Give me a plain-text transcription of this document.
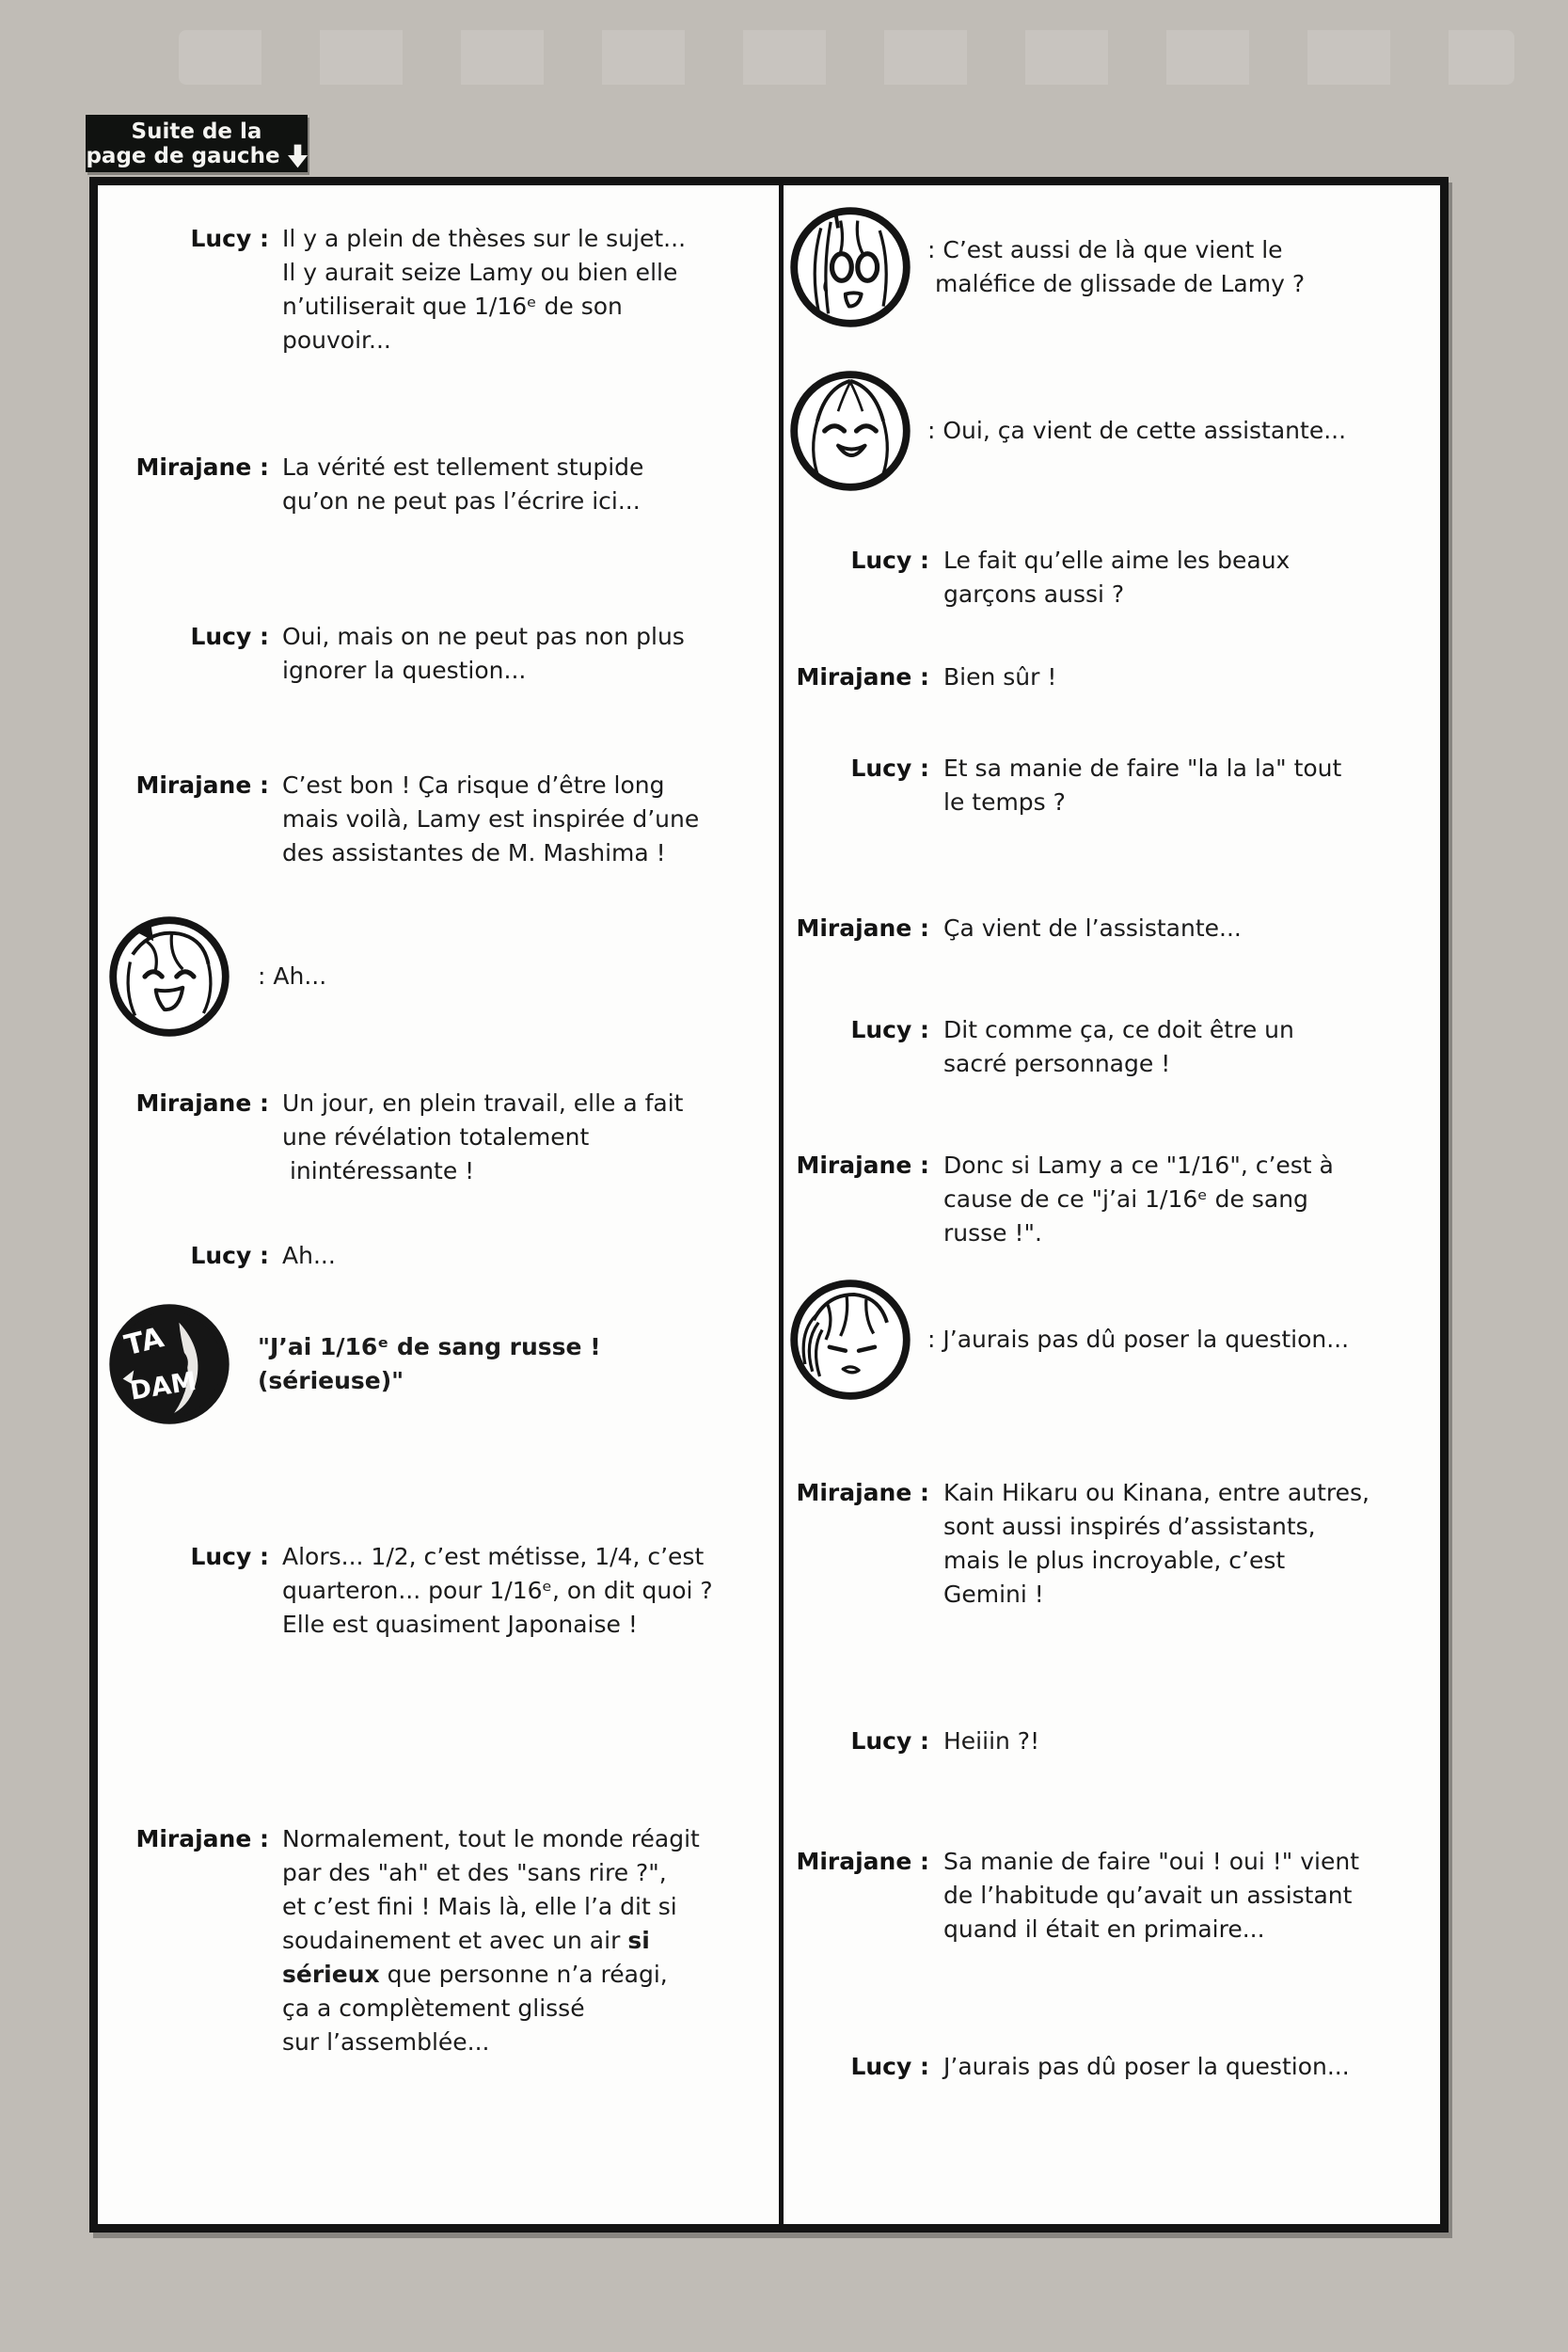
Suite de la
page de gauche
Lucy : Il y a plein de thèses sur le sujet...
Il y aurait seize Lamy ou bien elle
n’utiliserait que 1/16ᵉ de son
pouvoir...
Mirajane : La vérité est tellement stupide
qu’on ne peut pas l’écrire ici...
Lucy : Oui, mais on ne peut pas non plus
ignorer la question...
Mirajane : C’est bon ! Ça risque d’être long
mais voilà, Lamy est inspirée d’une
des assistantes de M. Mashima !
: Ah...
Mirajane : Un jour, en plein travail, elle a fait
une révélation totalement
inintéressante !
Lucy : Ah...
TA
DAM
"J’ai 1/16ᵉ de sang russe !
(sérieuse)"
Lucy : Alors... 1/2, c’est métisse, 1/4, c’est
quarteron... pour 1/16ᵉ, on dit quoi ?
Elle est quasiment Japonaise !
Mirajane : Normalement, tout le monde réagit
par des "ah" et des "sans rire ?",
et c’est fini ! Mais là, elle l’a dit si
soudainement et avec un air si
sérieux que personne n’a réagi,
ça a complètement glissé
sur l’assemblée...
: C’est aussi de là que vient le
maléfice de glissade de Lamy ?
: Oui, ça vient de cette assistante...
Lucy : Le fait qu’elle aime les beaux
garçons aussi ?
Mirajane : Bien sûr !
Lucy : Et sa manie de faire "la la la" tout
le temps ?
Mirajane : Ça vient de l’assistante...
Lucy : Dit comme ça, ce doit être un
sacré personnage !
Mirajane : Donc si Lamy a ce "1/16", c’est à
cause de ce "j’ai 1/16ᵉ de sang
russe !".
: J’aurais pas dû poser la question...
Mirajane : Kain Hikaru ou Kinana, entre autres,
sont aussi inspirés d’assistants,
mais le plus incroyable, c’est
Gemini !
Lucy : Heiiin ?!
Mirajane : Sa manie de faire "oui ! oui !" vient
de l’habitude qu’avait un assistant
quand il était en primaire...
Lucy : J’aurais pas dû poser la question...
